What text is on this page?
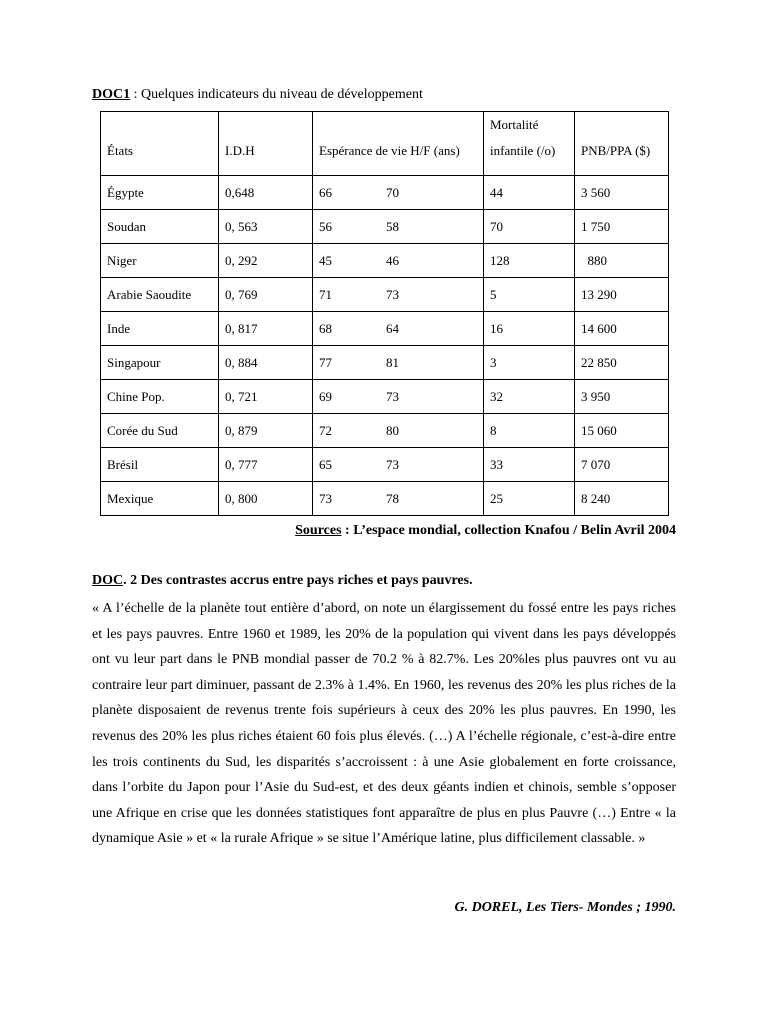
DOC1 : Quelques indicateurs du niveau de développement
États	I.D.H	Espérance de vie H/F (ans)	Mortalité infantile (/o)	PNB/PPA ($)
Égypte	0,648	66 70	44	3 560
Soudan	0, 563	56 58	70	1 750
Niger	0, 292	45 46	128	880
Arabie Saoudite	0, 769	71 73	5	13 290
Inde	0, 817	68 64	16	14 600
Singapour	0, 884	77 81	3	22 850
Chine Pop.	0, 721	69 73	32	3 950
Corée du Sud	0, 879	72 80	8	15 060
Brésil	0, 777	65 73	33	7 070
Mexique	0, 800	73 78	25	8 240
Sources : L’espace mondial, collection Knafou / Belin Avril 2004
DOC. 2 Des contrastes accrus entre pays riches et pays pauvres.

« A l’échelle de la planète tout entière d’abord, on note un élargissement du fossé entre les pays riches et les pays pauvres. Entre 1960 et 1989, les 20% de la population qui vivent dans les pays développés ont vu leur part dans le PNB mondial passer de 70.2 % à 82.7%. Les 20%les plus pauvres ont vu au contraire leur part diminuer, passant de 2.3% à 1.4%. En 1960, les revenus des 20% les plus riches de la planète disposaient de revenus trente fois supérieurs à ceux des 20% les plus pauvres. En 1990, les revenus des 20% les plus riches étaient 60 fois plus élevés. (…) A l’échelle régionale, c’est-à-dire entre les trois continents du Sud, les disparités s’accroissent : à une Asie globalement en forte croissance, dans l’orbite du Japon pour l’Asie du Sud-est, et des deux géants indien et chinois, semble s’opposer une Afrique en crise que les données statistiques font apparaître de plus en plus Pauvre (…) Entre « la dynamique Asie » et « la rurale Afrique » se situe l’Amérique latine, plus difficilement classable. »

G. DOREL, Les Tiers- Mondes ; 1990.
